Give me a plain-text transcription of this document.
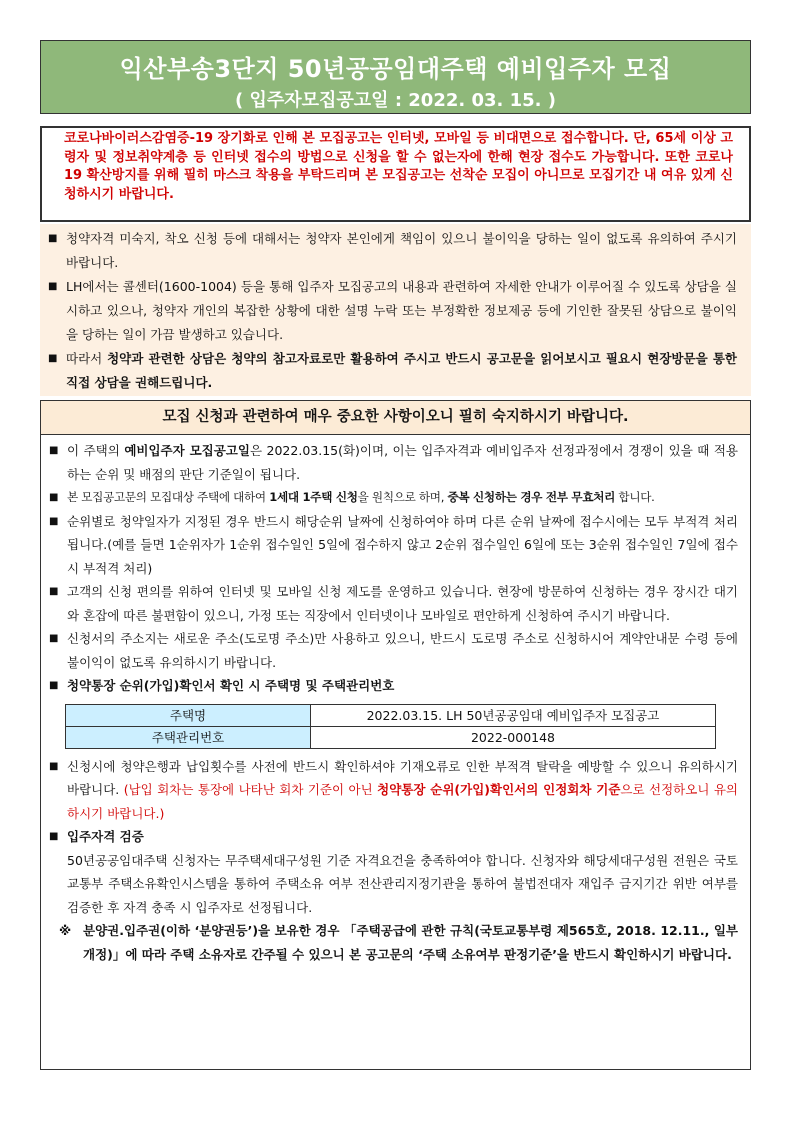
익산부송3단지 50년공공임대주택 예비입주자 모집
( 입주자모집공고일 : 2022. 03. 15. )

코로나바이러스감염증-19 장기화로 인해 본 모집공고는 인터넷, 모바일 등 비대면으로 접수합니다. 단, 65세 이상 고령자 및 정보취약계층 등 인터넷 접수의 방법으로 신청을 할 수 없는자에 한해 현장 접수도 가능합니다. 또한 코로나19 확산방지를 위해 필히 마스크 착용을 부탁드리며 본 모집공고는 선착순 모집이 아니므로 모집기간 내 여유 있게 신청하시기 바랍니다.

■ 청약자격 미숙지, 착오 신청 등에 대해서는 청약자 본인에게 책임이 있으니 불이익을 당하는 일이 없도록 유의하여 주시기 바랍니다.
■ LH에서는 콜센터(1600-1004) 등을 통해 입주자 모집공고의 내용과 관련하여 자세한 안내가 이루어질 수 있도록 상담을 실시하고 있으나, 청약자 개인의 복잡한 상황에 대한 설명 누락 또는 부정확한 정보제공 등에 기인한 잘못된 상담으로 불이익을 당하는 일이 가끔 발생하고 있습니다.
■ 따라서 청약과 관련한 상담은 청약의 참고자료로만 활용하여 주시고 반드시 공고문을 읽어보시고 필요시 현장방문을 통한 직접 상담을 권해드립니다.
모집 신청과 관련하여 매우 중요한 사항이오니 필히 숙지하시기 바랍니다.
■ 이 주택의 예비입주자 모집공고일은 2022.03.15(화)이며, 이는 입주자격과 예비입주자 선정과정에서 경쟁이 있을 때 적용하는 순위 및 배점의 판단 기준일이 됩니다.
■ 본 모집공고문의 모집대상 주택에 대하여 1세대 1주택 신청을 원칙으로 하며, 중복 신청하는 경우 전부 무효처리 합니다.
■ 순위별로 청약일자가 지정된 경우 반드시 해당순위 날짜에 신청하여야 하며 다른 순위 날짜에 접수시에는 모두 부적격 처리됩니다.(예를 들면 1순위자가 1순위 접수일인 5일에 접수하지 않고 2순위 접수일인 6일에 또는 3순위 접수일인 7일에 접수시 부적격 처리)
■ 고객의 신청 편의를 위하여 인터넷 및 모바일 신청 제도를 운영하고 있습니다. 현장에 방문하여 신청하는 경우 장시간 대기와 혼잡에 따른 불편함이 있으니, 가정 또는 직장에서 인터넷이나 모바일로 편안하게 신청하여 주시기 바랍니다.
■ 신청서의 주소지는 새로운 주소(도로명 주소)만 사용하고 있으니, 반드시 도로명 주소로 신청하시어 계약안내문 수령 등에 불이익이 없도록 유의하시기 바랍니다.
■ 청약통장 순위(가입)확인서 확인 시 주택명 및 주택관리번호
주택명	2022.03.15. LH 50년공공임대 예비입주자 모집공고
주택관리번호	2022-000148
■ 신청시에 청약은행과 납입횟수를 사전에 반드시 확인하셔야 기재오류로 인한 부적격 탈락을 예방할 수 있으니 유의하시기 바랍니다. (납입 회차는 통장에 나타난 회차 기준이 아닌 청약통장 순위(가입)확인서의 인정회차 기준으로 선정하오니 유의하시기 바랍니다.)
■ 입주자격 검증
50년공공임대주택 신청자는 무주택세대구성원 기준 자격요건을 충족하여야 합니다. 신청자와 해당세대구성원 전원은 국토교통부 주택소유확인시스템을 통하여 주택소유 여부 전산관리지정기관을 통하여 불법전대자 재입주 금지기간 위반 여부를 검증한 후 자격 충족 시 입주자로 선정됩니다.
※ 분양권.입주권(이하 ‘분양권등’)을 보유한 경우 「주택공급에 관한 규칙(국토교통부령 제565호, 2018. 12.11., 일부개정)」에 따라 주택 소유자로 간주될 수 있으니 본 공고문의 ‘주택 소유여부 판정기준’을 반드시 확인하시기 바랍니다.
